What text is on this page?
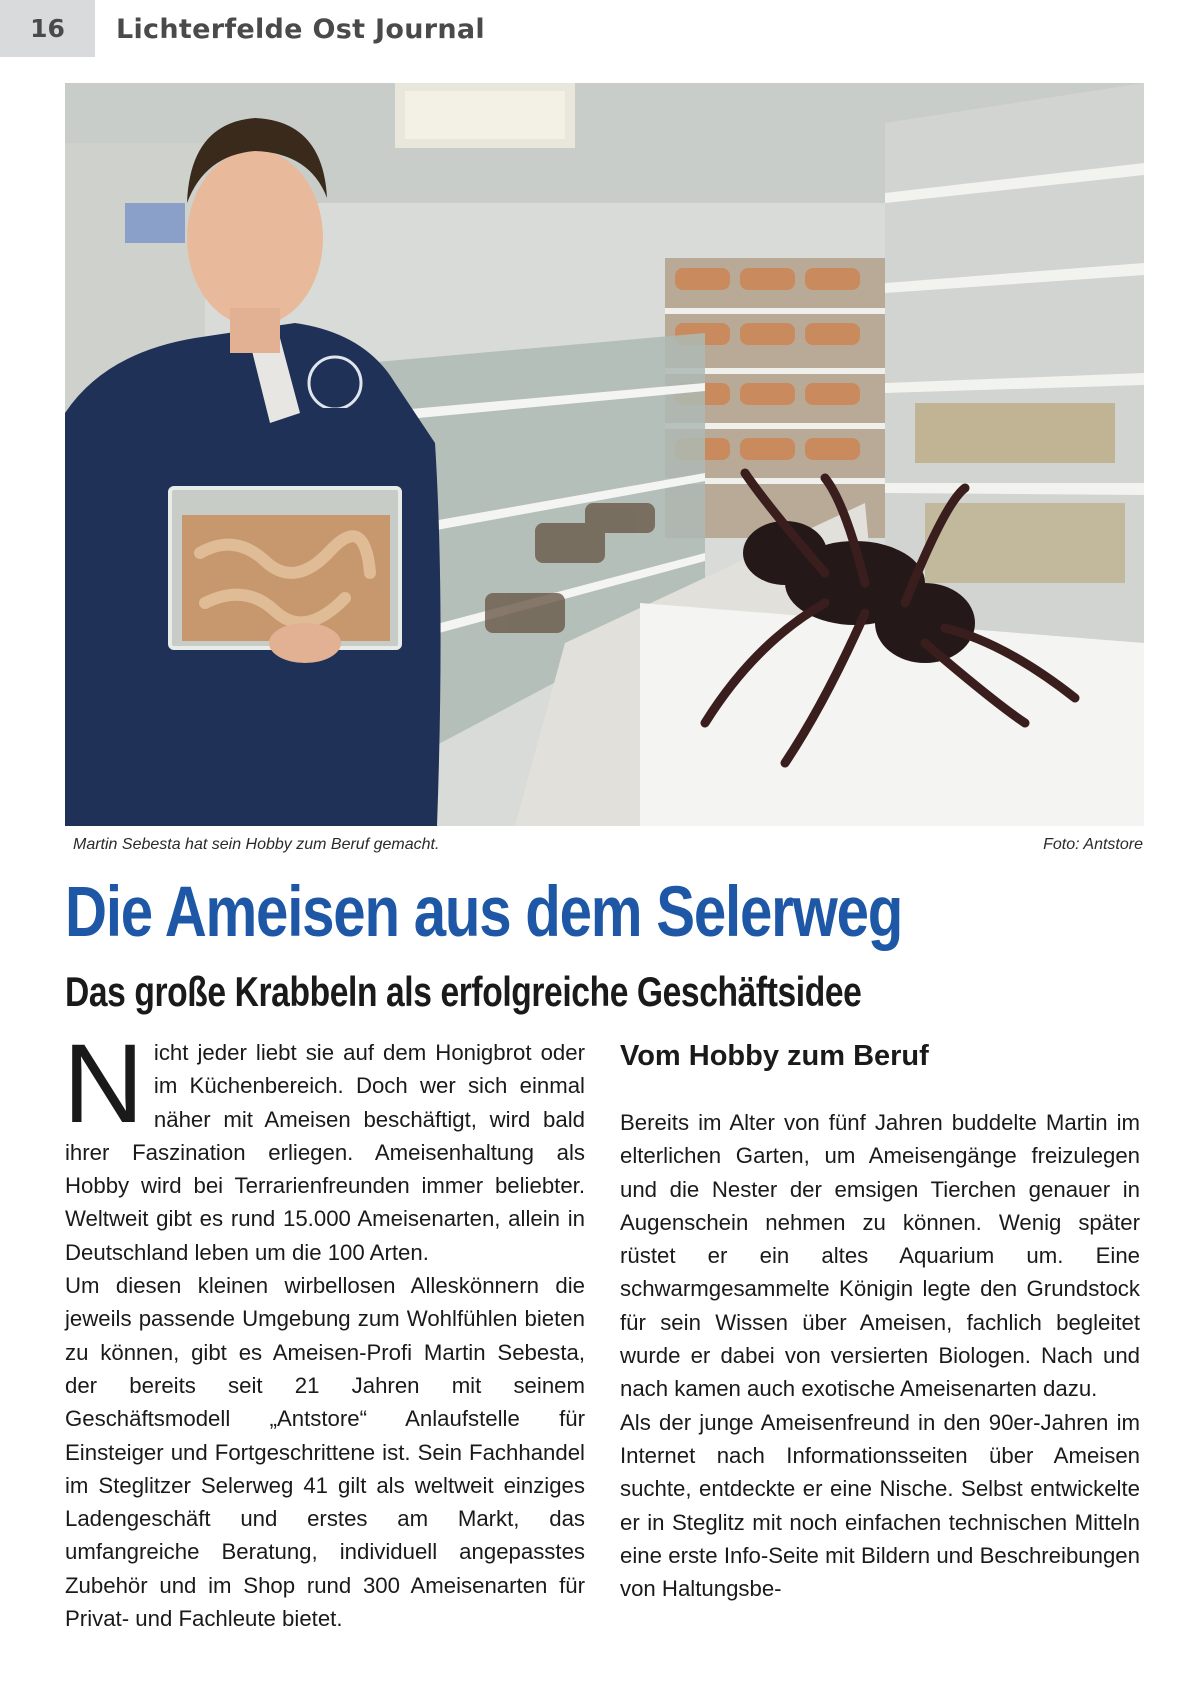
16	Lichterfelde Ost Journal
Martin Sebesta hat sein Hobby zum Beruf gemacht.	Foto: Antstore
Die Ameisen aus dem Selerweg
Das große Krabbeln als erfolgreiche Geschäftsidee

Nicht jeder liebt sie auf dem Honigbrot oder im Küchenbereich. Doch wer sich einmal näher mit Ameisen beschäftigt, wird bald ihrer Faszination erliegen. Ameisenhaltung als Hobby wird bei Terrarienfreunden immer beliebter. Weltweit gibt es rund 15.000 Ameisenarten, allein in Deutschland leben um die 100 Arten.

Um diesen kleinen wirbellosen Alleskönnern die jeweils passende Umgebung zum Wohlfühlen bieten zu können, gibt es Ameisen-Profi Martin Sebesta, der bereits seit 21 Jahren mit seinem Geschäftsmodell „Antstore“ Anlaufstelle für Einsteiger und Fortgeschrittene ist. Sein Fachhandel im Steglitzer Selerweg 41 gilt als weltweit einziges Ladengeschäft und erstes am Markt, das umfangreiche Beratung, individuell angepasstes Zubehör und im Shop rund 300 Ameisenarten für Privat- und Fachleute bietet.

Vom Hobby zum Beruf

Bereits im Alter von fünf Jahren buddelte Martin im elterlichen Garten, um Ameisengänge freizulegen und die Nester der emsigen Tierchen genauer in Augenschein nehmen zu können. Wenig später rüstet er ein altes Aquarium um. Eine schwarmgesammelte Königin legte den Grundstock für sein Wissen über Ameisen, fachlich begleitet wurde er dabei von versierten Biologen. Nach und nach kamen auch exotische Ameisenarten dazu.

Als der junge Ameisenfreund in den 90er-Jahren im Internet nach Informationsseiten über Ameisen suchte, entdeckte er eine Nische. Selbst entwickelte er in Steglitz mit noch einfachen technischen Mitteln eine erste Info-Seite mit Bildern und Beschreibungen von Haltungsbe-
